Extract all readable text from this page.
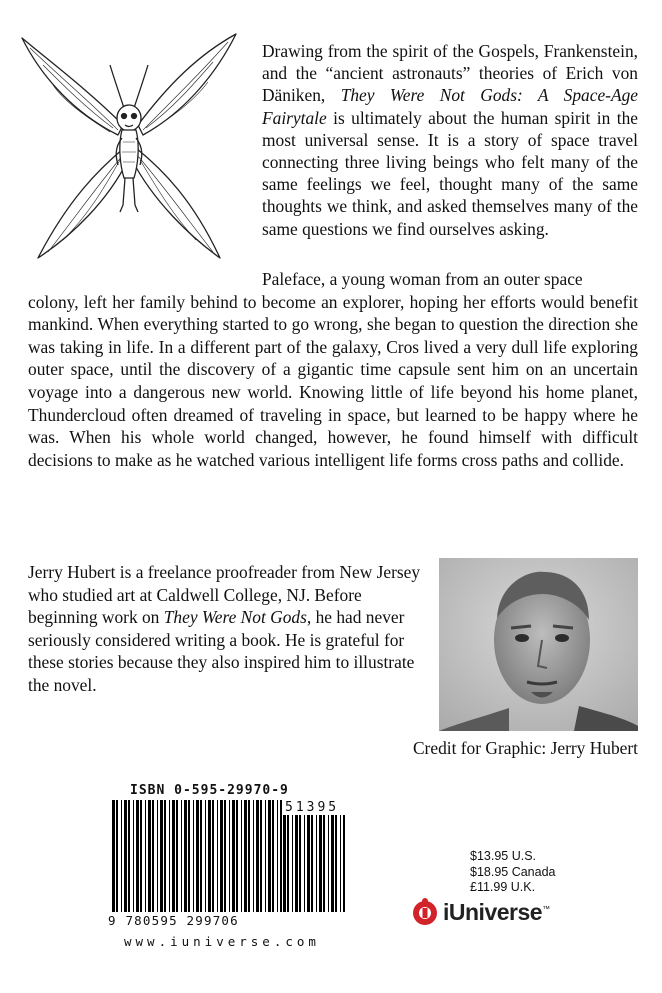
Drawing from the spirit of the Gospels, Frankenstein, and the “ancient astronauts” theories of Erich von Däniken, They Were Not Gods: A Space-Age Fairytale is ultimately about the human spirit in the most universal sense. It is a story of space travel connecting three living beings who felt many of the same feelings we feel, thought many of the same thoughts we think, and asked themselves many of the same questions we find ourselves asking.

Paleface, a young woman from an outer space
colony, left her family behind to become an explorer, hoping her efforts would benefit mankind. When everything started to go wrong, she began to question the direction she was taking in life. In a different part of the galaxy, Cros lived a very dull life exploring outer space, until the discovery of a gigantic time capsule sent him on an uncertain voyage into a dangerous new world. Knowing little of life beyond his home planet, Thundercloud often dreamed of traveling in space, but learned to be happy where he was. When his whole world changed, however, he found himself with difficult decisions to make as he watched various intelligent life forms cross paths and collide.

Jerry Hubert is a freelance proofreader from New Jersey who studied art at Caldwell College, NJ. Before beginning work on They Were Not Gods, he had never seriously considered writing a book. He is grateful for these stories because they also inspired him to illustrate the novel.

Credit for Graphic: Jerry Hubert

ISBN 0-595-29970-9
51395
9 780595 299706
www.iuniverse.com
$13.95 U.S.
$18.95 Canada
£11.99 U.K.
iUniverse™
